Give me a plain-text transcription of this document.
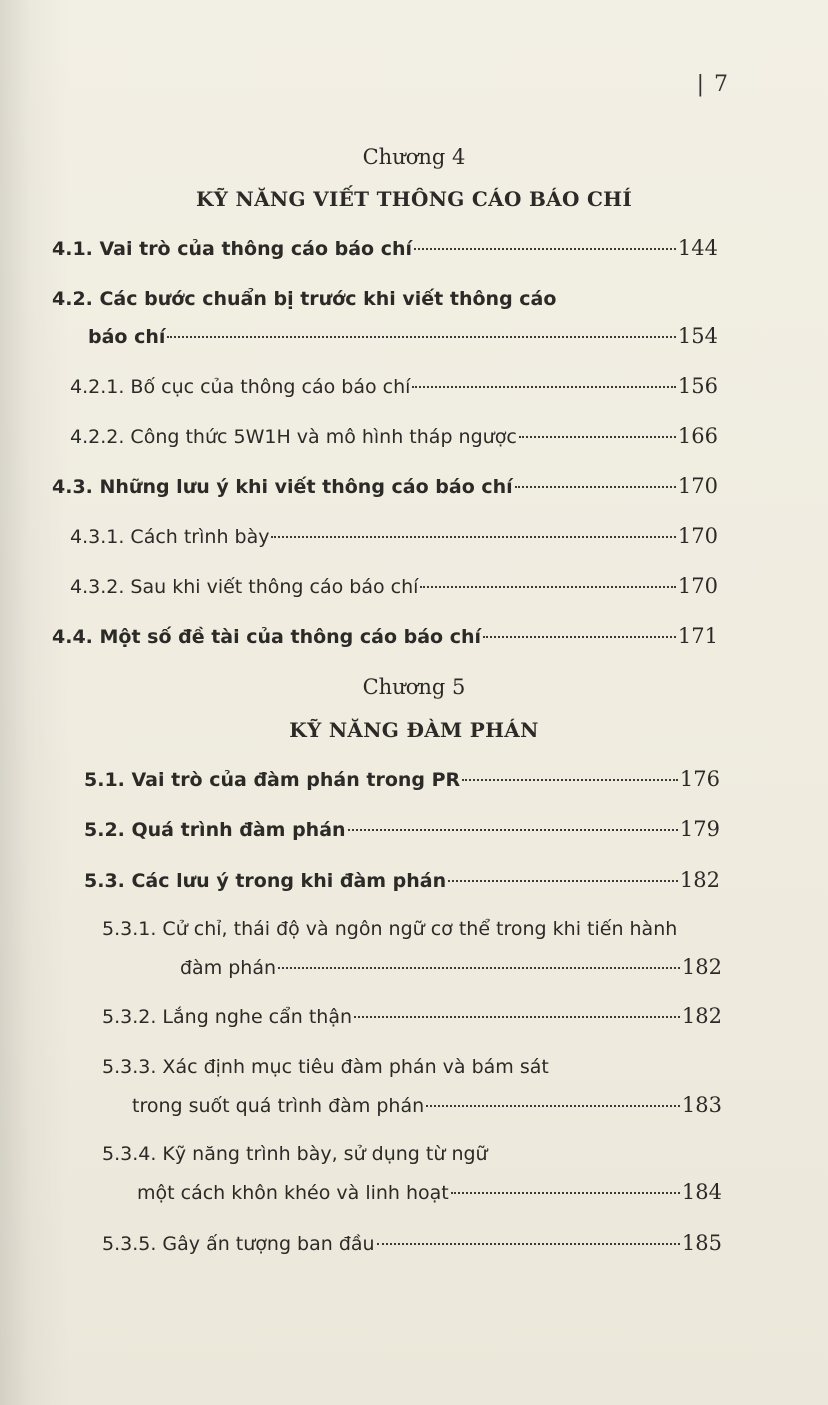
| 7
Chương 4
KỸ NĂNG VIẾT THÔNG CÁO BÁO CHÍ
4.1. Vai trò của thông cáo báo chí	144
4.2. Các bước chuẩn bị trước khi viết thông cáo
báo chí	154
4.2.1. Bố cục của thông cáo báo chí	156
4.2.2. Công thức 5W1H và mô hình tháp ngược	166
4.3. Những lưu ý khi viết thông cáo báo chí	170
4.3.1. Cách trình bày	170
4.3.2. Sau khi viết thông cáo báo chí	170
4.4. Một số đề tài của thông cáo báo chí	171
Chương 5
KỸ NĂNG ĐÀM PHÁN
5.1. Vai trò của đàm phán trong PR	176
5.2. Quá trình đàm phán	179
5.3. Các lưu ý trong khi đàm phán	182
5.3.1. Cử chỉ, thái độ và ngôn ngữ cơ thể trong khi tiến hành
đàm phán	182
5.3.2. Lắng nghe cẩn thận	182
5.3.3. Xác định mục tiêu đàm phán và bám sát
trong suốt quá trình đàm phán	183
5.3.4. Kỹ năng trình bày, sử dụng từ ngữ
một cách khôn khéo và linh hoạt	184
5.3.5. Gây ấn tượng ban đầu	185
